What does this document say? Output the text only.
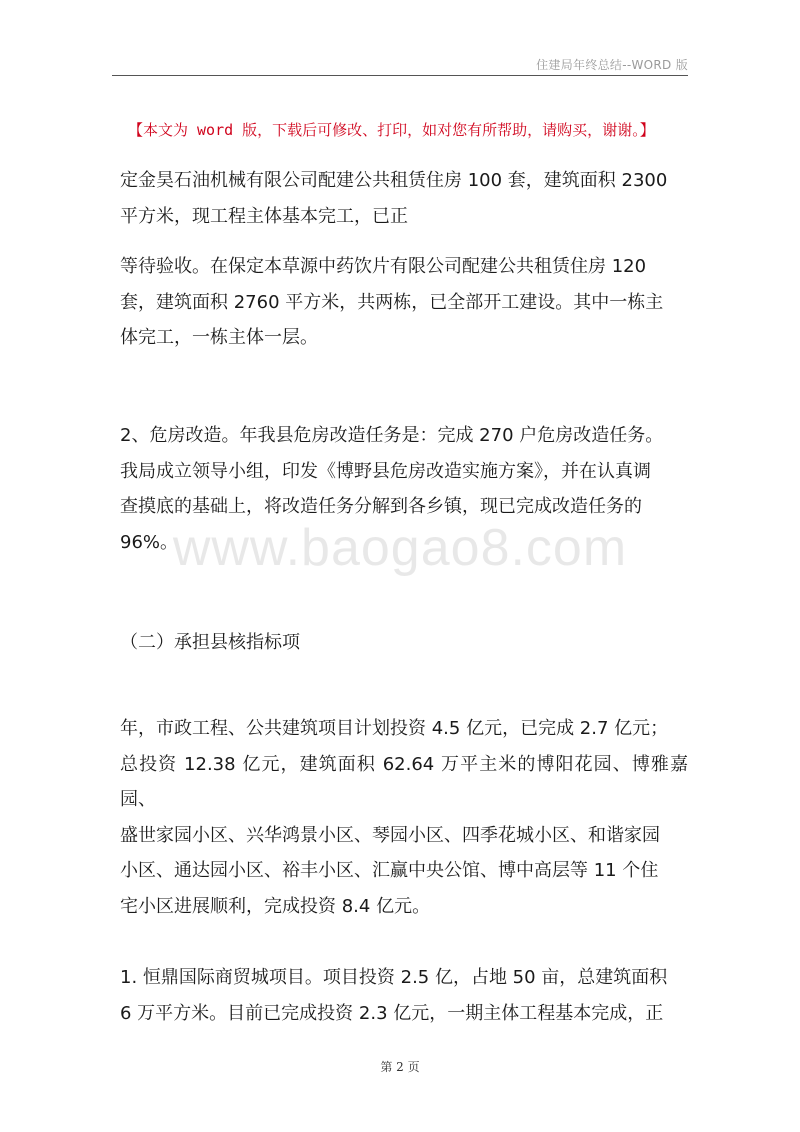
住建局年终总结--WORD 版
【本文为 word 版，下载后可修改、打印，如对您有所帮助，请购买，谢谢。】
www.baogao8.com
定金昊石油机械有限公司配建公共租赁住房 100 套，建筑面积 2300
平方米，现工程主体基本完工，已正
等待验收。在保定本草源中药饮片有限公司配建公共租赁住房 120
套，建筑面积 2760 平方米，共两栋，已全部开工建设。其中一栋主
体完工，一栋主体一层。
2、危房改造。年我县危房改造任务是：完成 270 户危房改造任务。
我局成立领导小组，印发《博野县危房改造实施方案》，并在认真调
查摸底的基础上，将改造任务分解到各乡镇，现已完成改造任务的
96%。
（二）承担县核指标项
年，市政工程、公共建筑项目计划投资 4.5 亿元，已完成 2.7 亿元；
总投资 12.38 亿元，建筑面积 62.64 万平主米的博阳花园、博雅嘉园、
盛世家园小区、兴华鸿景小区、琴园小区、四季花城小区、和谐家园
小区、通达园小区、裕丰小区、汇赢中央公馆、博中高层等 11 个住
宅小区进展顺利，完成投资 8.4 亿元。
1. 恒鼎国际商贸城项目。项目投资 2.5 亿，占地 50 亩，总建筑面积
6 万平方米。目前已完成投资 2.3 亿元，一期主体工程基本完成，正
第 2 页
